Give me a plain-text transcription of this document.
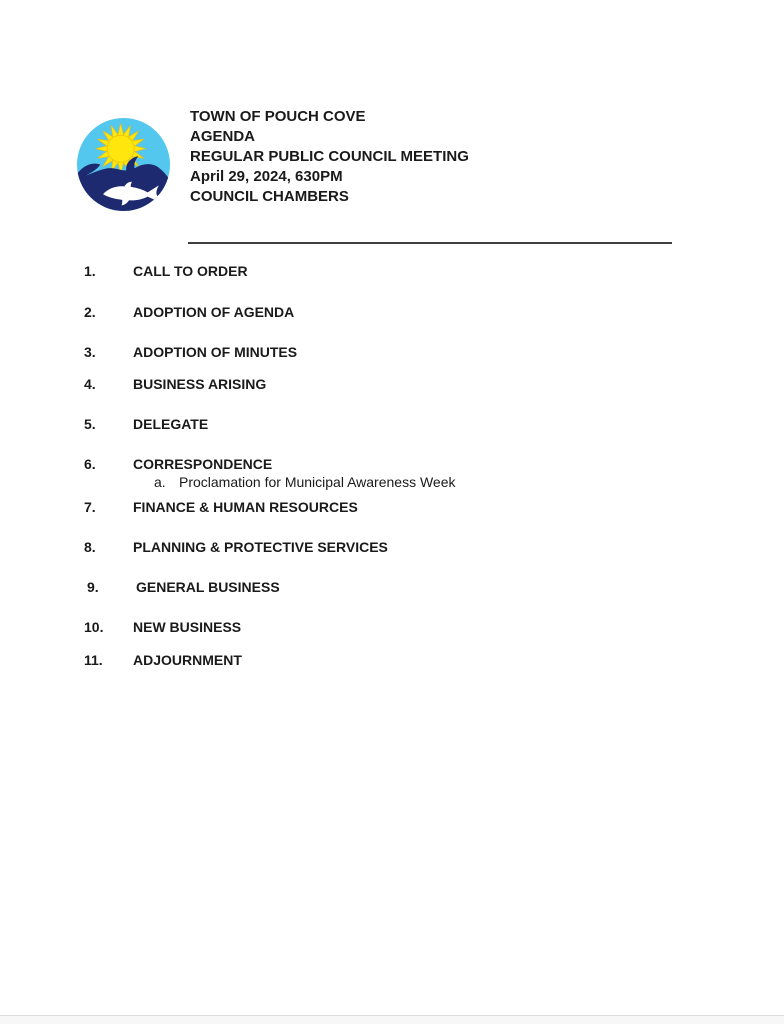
TOWN OF POUCH COVE
AGENDA
REGULAR PUBLIC COUNCIL MEETING
April 29, 2024, 630PM
COUNCIL CHAMBERS
1.	CALL TO ORDER
2.	ADOPTION OF AGENDA
3.	ADOPTION OF MINUTES
4.	BUSINESS ARISING
5.	DELEGATE
6.	CORRESPONDENCE
a. Proclamation for Municipal Awareness Week
7.	FINANCE & HUMAN RESOURCES
8.	PLANNING & PROTECTIVE SERVICES
9.	GENERAL BUSINESS
10.	NEW BUSINESS
11.	ADJOURNMENT
